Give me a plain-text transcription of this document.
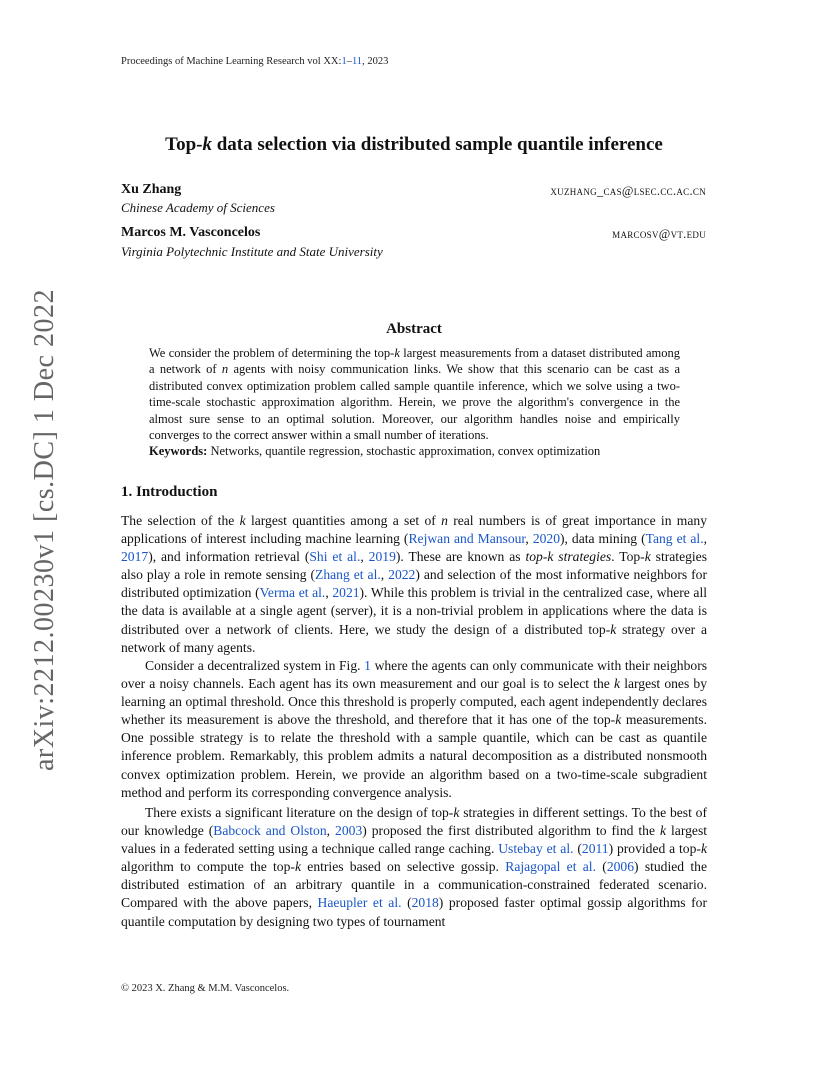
Proceedings of Machine Learning Research vol XX:1–11, 2023
Top-k data selection via distributed sample quantile inference
Xu Zhang
Chinese Academy of Sciences
xuzhang_cas@lsec.cc.ac.cn
Marcos M. Vasconcelos
Virginia Polytechnic Institute and State University
marcosv@vt.edu
arXiv:2212.00230v1 [cs.DC] 1 Dec 2022	Abstract
We consider the problem of determining the top-k largest measurements from a dataset distributed among a network of n agents with noisy communication links. We show that this scenario can be cast as a distributed convex optimization problem called sample quantile inference, which we solve using a two-time-scale stochastic approximation algorithm. Herein, we prove the algorithm's convergence in the almost sure sense to an optimal solution. Moreover, our algorithm handles noise and empirically converges to the correct answer within a small number of iterations.
Keywords: Networks, quantile regression, stochastic approximation, convex optimization
1. Introduction
The selection of the k largest quantities among a set of n real numbers is of great importance in many applications of interest including machine learning (Rejwan and Mansour, 2020), data mining (Tang et al., 2017), and information retrieval (Shi et al., 2019). These are known as top-k strategies. Top-k strategies also play a role in remote sensing (Zhang et al., 2022) and selection of the most informative neighbors for distributed optimization (Verma et al., 2021). While this problem is trivial in the centralized case, where all the data is available at a single agent (server), it is a non-trivial problem in applications where the data is distributed over a network of clients. Here, we study the design of a distributed top-k strategy over a network of many agents.
Consider a decentralized system in Fig. 1 where the agents can only communicate with their neighbors over a noisy channels. Each agent has its own measurement and our goal is to select the k largest ones by learning an optimal threshold. Once this threshold is properly computed, each agent independently declares whether its measurement is above the threshold, and therefore that it has one of the top-k measurements. One possible strategy is to relate the threshold with a sample quantile, which can be cast as quantile inference problem. Remarkably, this problem admits a natural decomposition as a distributed nonsmooth convex optimization problem. Herein, we provide an algorithm based on a two-time-scale subgradient method and perform its corresponding convergence analysis.
There exists a significant literature on the design of top-k strategies in different settings. To the best of our knowledge (Babcock and Olston, 2003) proposed the first distributed algorithm to find the k largest values in a federated setting using a technique called range caching. Ustebay et al. (2011) provided a top-k algorithm to compute the top-k entries based on selective gossip. Rajagopal et al. (2006) studied the distributed estimation of an arbitrary quantile in a communication-constrained federated scenario. Compared with the above papers, Haeupler et al. (2018) proposed faster optimal gossip algorithms for quantile computation by designing two types of tournament
© 2023 X. Zhang & M.M. Vasconcelos.
